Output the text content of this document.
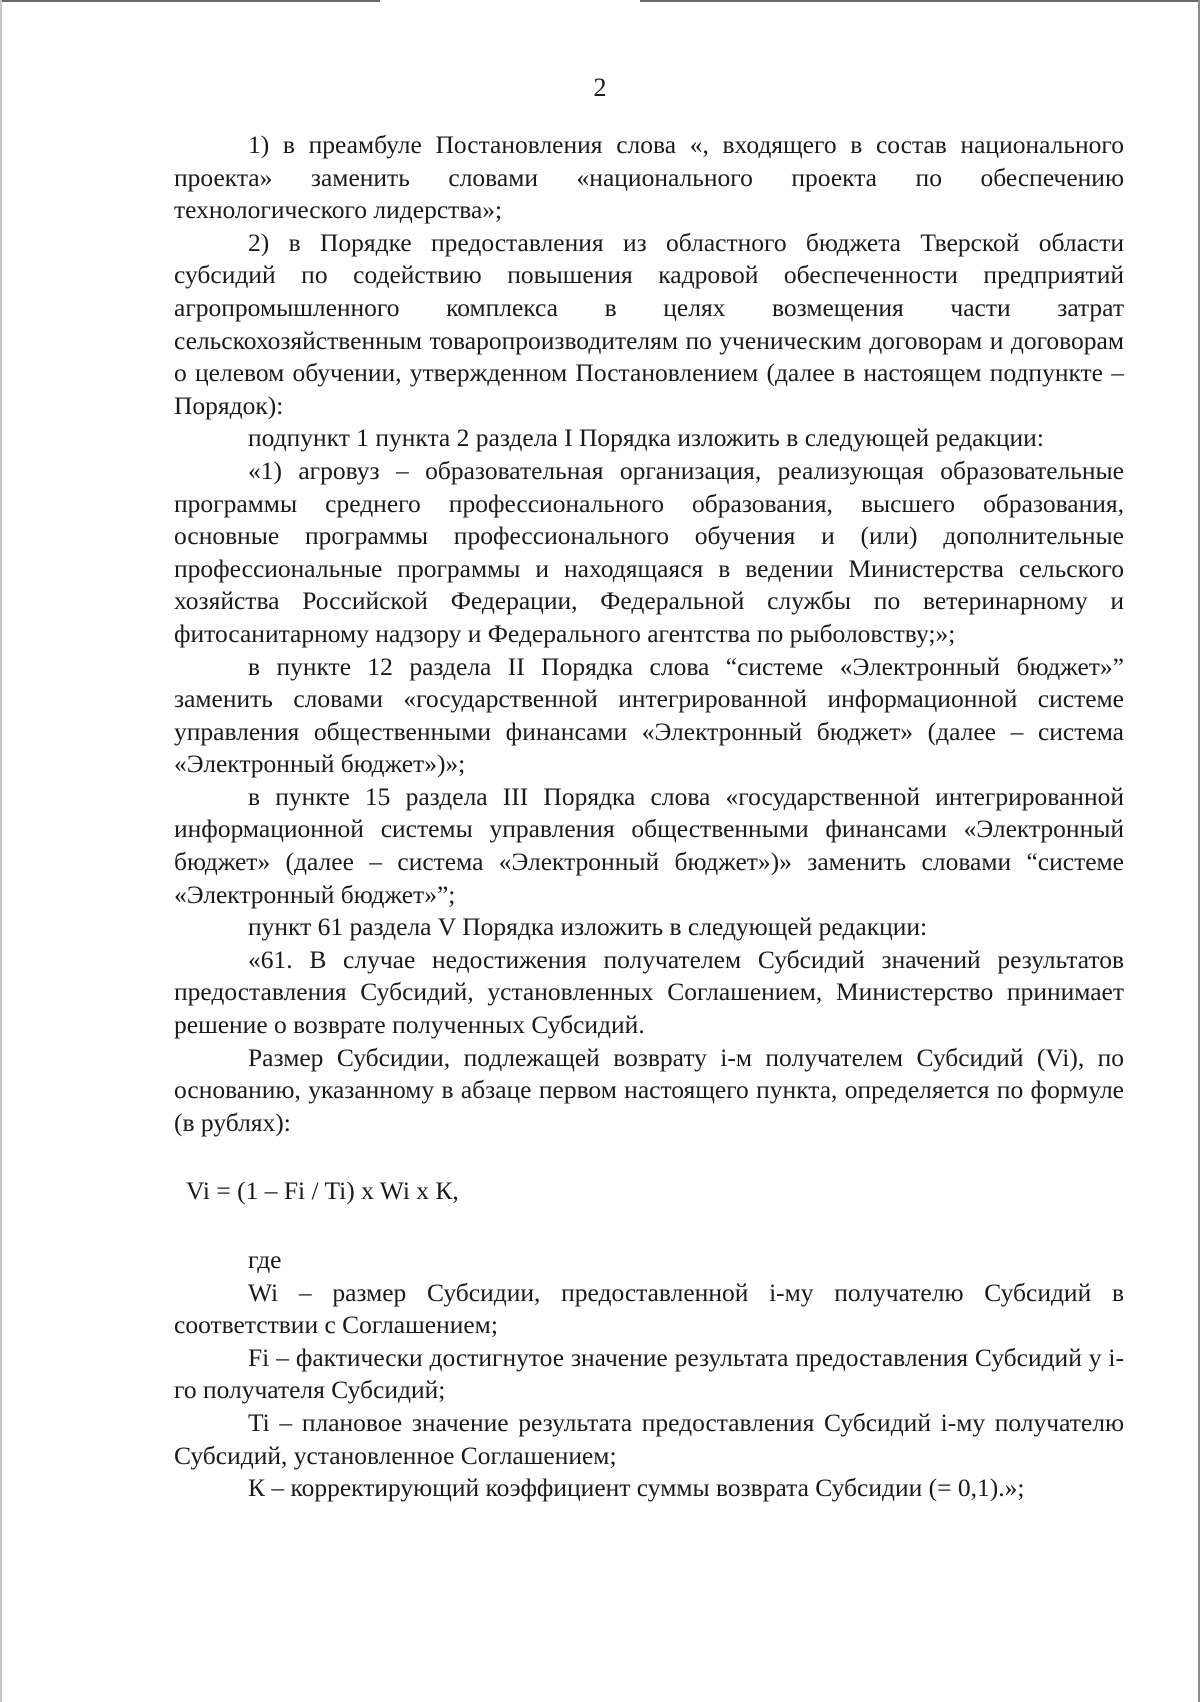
2

1) в преамбуле Постановления слова «, входящего в состав национального проекта» заменить словами «национального проекта по обеспечению технологического лидерства»;

2) в Порядке предоставления из областного бюджета Тверской области субсидий по содействию повышения кадровой обеспеченности предприятий агропромышленного комплекса в целях возмещения части затрат сельскохозяйственным товаропроизводителям по ученическим договорам и договорам о целевом обучении, утвержденном Постановлением (далее в настоящем подпункте – Порядок):

подпункт 1 пункта 2 раздела I Порядка изложить в следующей редакции:

«1) агровуз – образовательная организация, реализующая образовательные программы среднего профессионального образования, высшего образования, основные программы профессионального обучения и (или) дополнительные профессиональные программы и находящаяся в ведении Министерства сельского хозяйства Российской Федерации, Федеральной службы по ветеринарному и фитосанитарному надзору и Федерального агентства по рыболовству;»;

в пункте 12 раздела II Порядка слова “системе «Электронный бюджет»” заменить словами «государственной интегрированной информационной системе управления общественными финансами «Электронный бюджет» (далее – система «Электронный бюджет»)»;

в пункте 15 раздела III Порядка слова «государственной интегрированной информационной системы управления общественными финансами «Электронный бюджет» (далее – система «Электронный бюджет»)» заменить словами “системе «Электронный бюджет»”;

пункт 61 раздела V Порядка изложить в следующей редакции:

«61. В случае недостижения получателем Субсидий значений результатов предоставления Субсидий, установленных Соглашением, Министерство принимает решение о возврате полученных Субсидий.

Размер Субсидии, подлежащей возврату i-м получателем Субсидий (Vi), по основанию, указанному в абзаце первом настоящего пункта, определяется по формуле (в рублях):

Vi = (1 – Fi / Ti) x Wi x К,

где

Wi – размер Субсидии, предоставленной i-му получателю Субсидий в соответствии с Соглашением;

Fi – фактически достигнутое значение результата предоставления Субсидий у i-го получателя Субсидий;

Ti – плановое значение результата предоставления Субсидий i-му получателю Субсидий, установленное Соглашением;

К – корректирующий коэффициент суммы возврата Субсидии (= 0,1).»;
